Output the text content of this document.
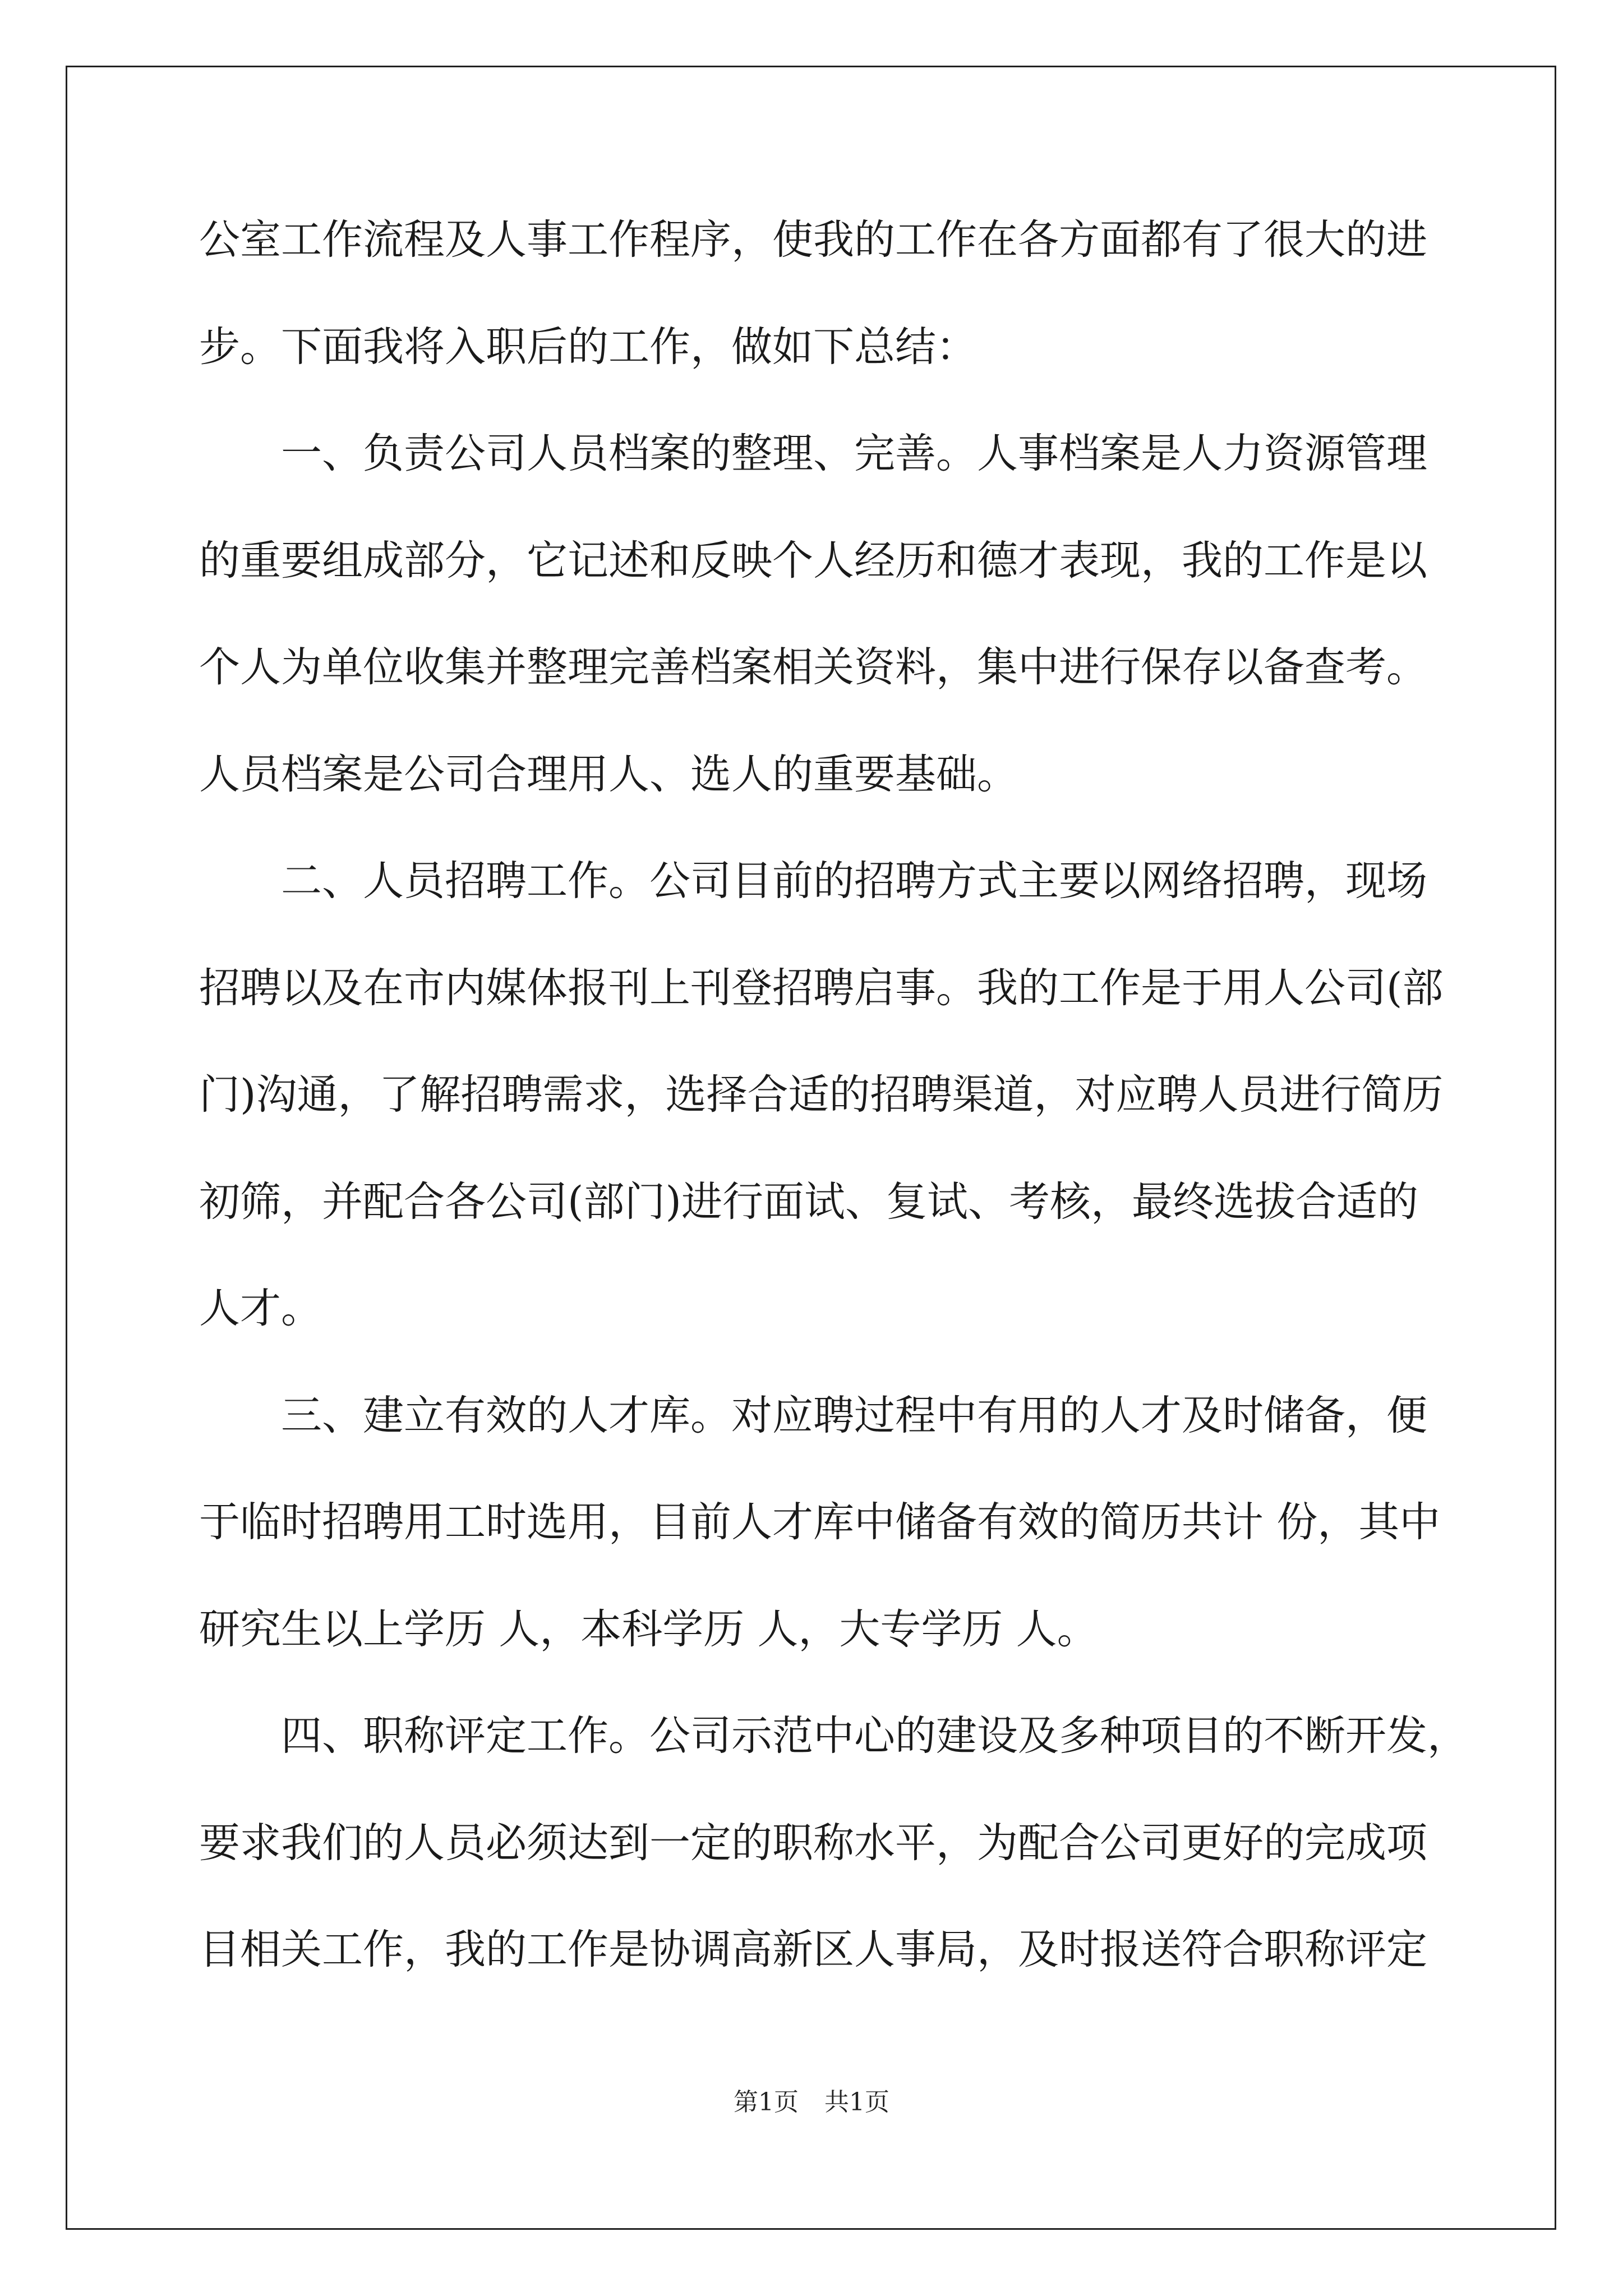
公室工作流程及人事工作程序，使我的工作在各方面都有了很大的进
步。下面我将入职后的工作，做如下总结：
一、负责公司人员档案的整理、完善。人事档案是人力资源管理
的重要组成部分，它记述和反映个人经历和德才表现，我的工作是以
个人为单位收集并整理完善档案相关资料，集中进行保存以备查考。
人员档案是公司合理用人、选人的重要基础。
二、人员招聘工作。公司目前的招聘方式主要以网络招聘，现场
招聘以及在市内媒体报刊上刊登招聘启事。我的工作是于用人公司(部
门)沟通，了解招聘需求，选择合适的招聘渠道，对应聘人员进行简历
初筛，并配合各公司(部门)进行面试、复试、考核，最终选拔合适的
人才。
三、建立有效的人才库。对应聘过程中有用的人才及时储备，便
于临时招聘用工时选用，目前人才库中储备有效的简历共计 份，其中
研究生以上学历 人，本科学历 人，大专学历 人。
四、职称评定工作。公司示范中心的建设及多种项目的不断开发，
要求我们的人员必须达到一定的职称水平，为配合公司更好的完成项
目相关工作，我的工作是协调高新区人事局，及时报送符合职称评定
第1页 共1页
